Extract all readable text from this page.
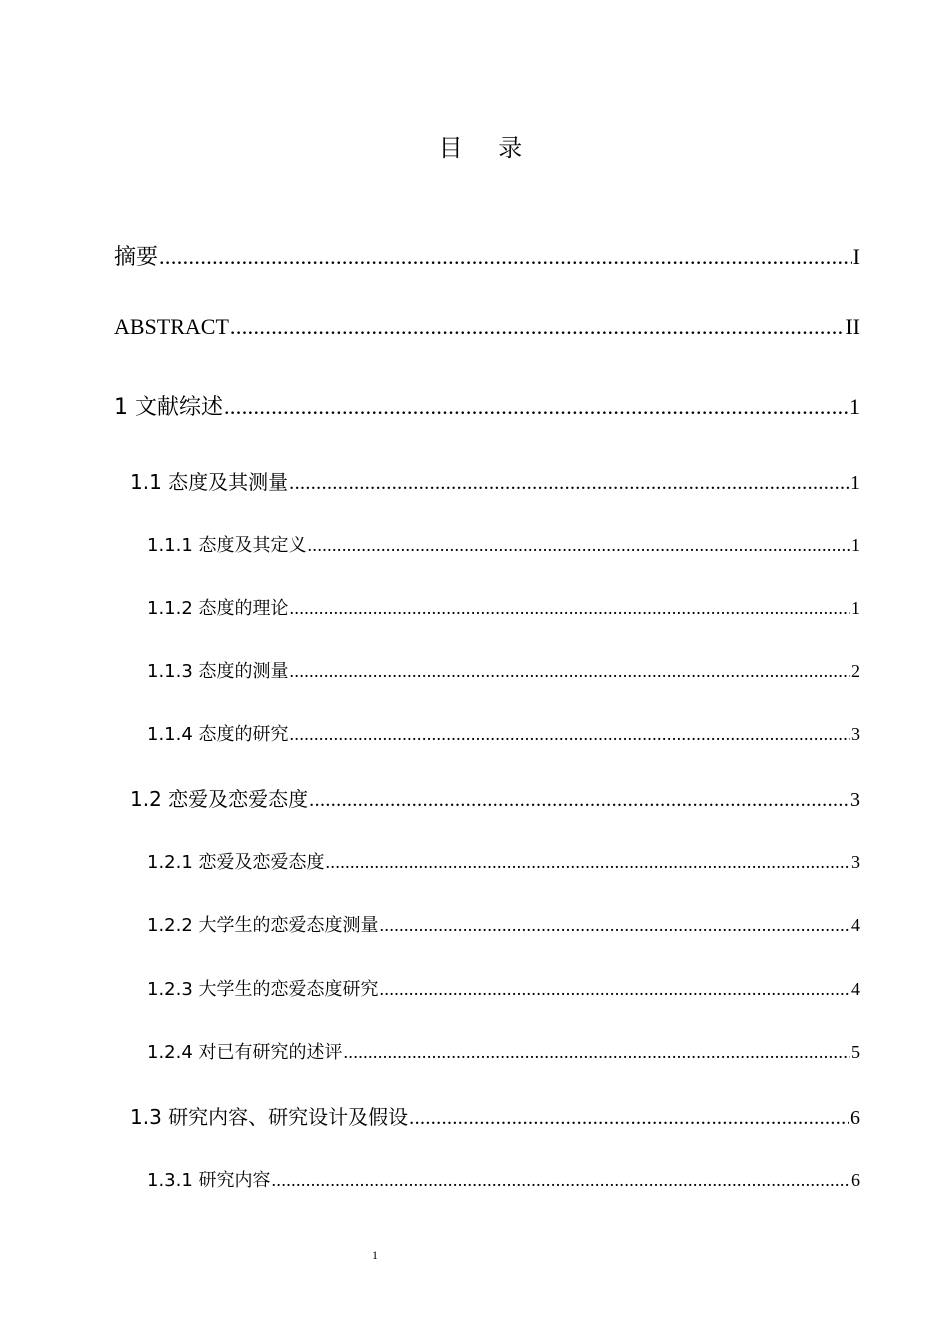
目 录
摘要 .....	I
ABSTRACT .....	II
1 文献综述 .....	1
1.1 态度及其测量 .....	1
1.1.1 态度及其定义 .....	1
1.1.2 态度的理论 .....	1
1.1.3 态度的测量 .....	2
1.1.4 态度的研究 .....	3
1.2 恋爱及恋爱态度 .....	3
1.2.1 恋爱及恋爱态度 .....	3
1.2.2 大学生的恋爱态度测量 .....	4
1.2.3 大学生的恋爱态度研究 .....	4
1.2.4 对已有研究的述评 .....	5
1.3 研究内容、研究设计及假设 .....	6
1.3.1 研究内容 .....	6
1
